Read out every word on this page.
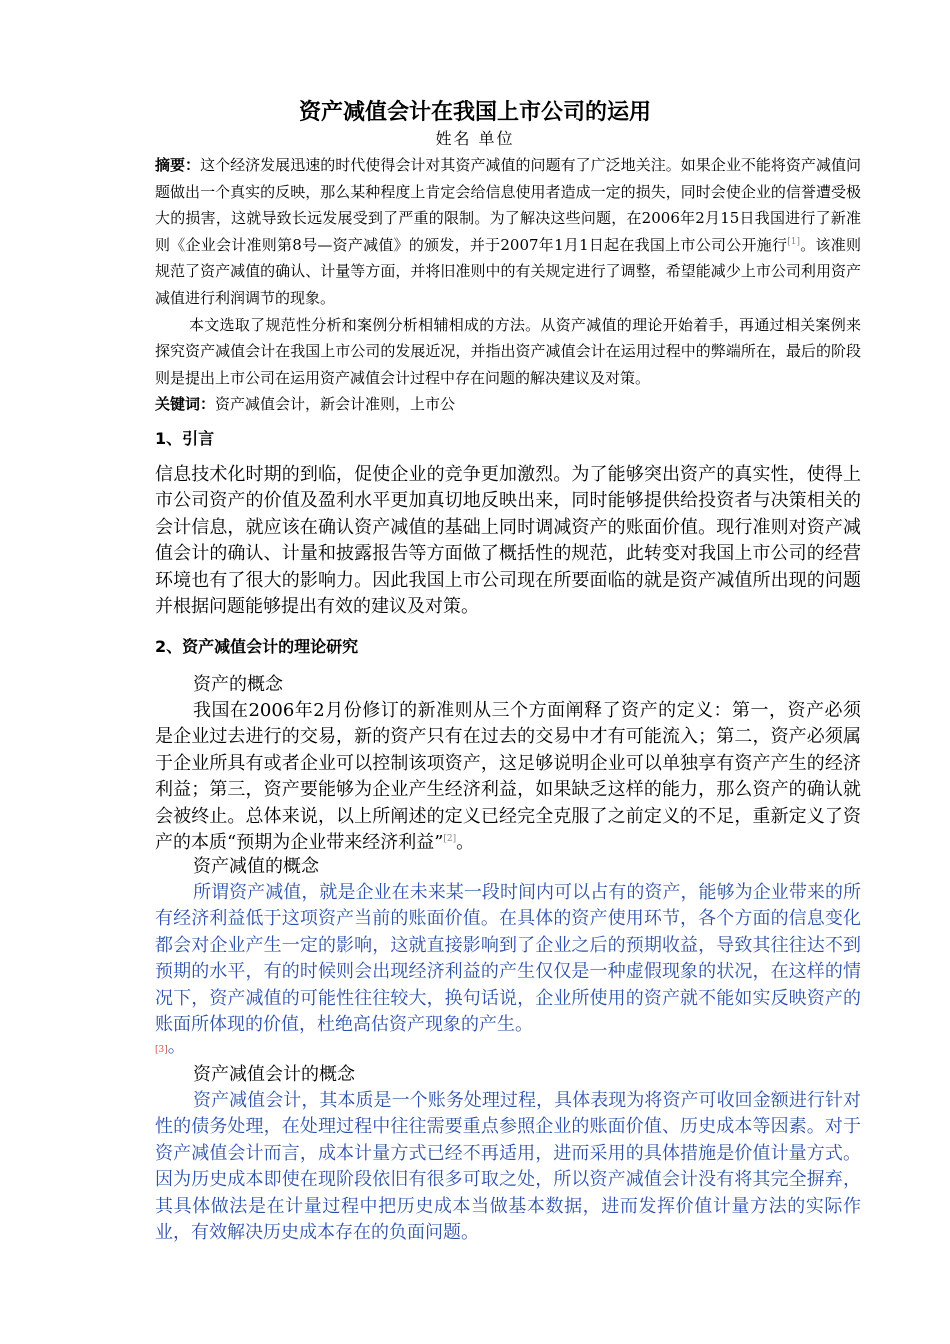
资产减值会计在我国上市公司的运用
姓名 单位

摘要：这个经济发展迅速的时代使得会计对其资产减值的问题有了广泛地关注。如果企业不能将资产减值问题做出一个真实的反映，那么某种程度上肯定会给信息使用者造成一定的损失，同时会使企业的信誉遭受极大的损害，这就导致长远发展受到了严重的限制。为了解决这些问题，在2006年2月15日我国进行了新准则《企业会计准则第8号—资产减值》的颁发，并于2007年1月1日起在我国上市公司公开施行[1]。该准则规范了资产减值的确认、计量等方面，并将旧准则中的有关规定进行了调整，希望能减少上市公司利用资产减值进行利润调节的现象。

本文选取了规范性分析和案例分析相辅相成的方法。从资产减值的理论开始着手，再通过相关案例来探究资产减值会计在我国上市公司的发展近况，并指出资产减值会计在运用过程中的弊端所在，最后的阶段则是提出上市公司在运用资产减值会计过程中存在问题的解决建议及对策。

关键词：资产减值会计，新会计准则，上市公

1、引言

信息技术化时期的到临，促使企业的竞争更加激烈。为了能够突出资产的真实性，使得上市公司资产的价值及盈利水平更加真切地反映出来，同时能够提供给投资者与决策相关的会计信息，就应该在确认资产减值的基础上同时调减资产的账面价值。现行准则对资产减值会计的确认、计量和披露报告等方面做了概括性的规范，此转变对我国上市公司的经营环境也有了很大的影响力。因此我国上市公司现在所要面临的就是资产减值所出现的问题并根据问题能够提出有效的建议及对策。

2、资产减值会计的理论研究
资产的概念

我国在2006年2月份修订的新准则从三个方面阐释了资产的定义：第一，资产必须是企业过去进行的交易，新的资产只有在过去的交易中才有可能流入；第二，资产必须属于企业所具有或者企业可以控制该项资产，这足够说明企业可以单独享有资产产生的经济利益；第三，资产要能够为企业产生经济利益，如果缺乏这样的能力，那么资产的确认就会被终止。总体来说，以上所阐述的定义已经完全克服了之前定义的不足，重新定义了资产的本质“预期为企业带来经济利益”[2]。

资产减值的概念

所谓资产减值，就是企业在未来某一段时间内可以占有的资产，能够为企业带来的所有经济利益低于这项资产当前的账面价值。在具体的资产使用环节，各个方面的信息变化都会对企业产生一定的影响，这就直接影响到了企业之后的预期收益，导致其往往达不到预期的水平，有的时候则会出现经济利益的产生仅仅是一种虚假现象的状况，在这样的情况下，资产减值的可能性往往较大，换句话说，企业所使用的资产就不能如实反映资产的账面所体现的价值，杜绝高估资产现象的产生。

[3]。

资产减值会计的概念

资产减值会计，其本质是一个账务处理过程，具体表现为将资产可收回金额进行针对性的债务处理，在处理过程中往往需要重点参照企业的账面价值、历史成本等因素。对于资产减值会计而言，成本计量方式已经不再适用，进而采用的具体措施是价值计量方式。因为历史成本即使在现阶段依旧有很多可取之处，所以资产减值会计没有将其完全摒弃，其具体做法是在计量过程中把历史成本当做基本数据，进而发挥价值计量方法的实际作业，有效解决历史成本存在的负面问题。
